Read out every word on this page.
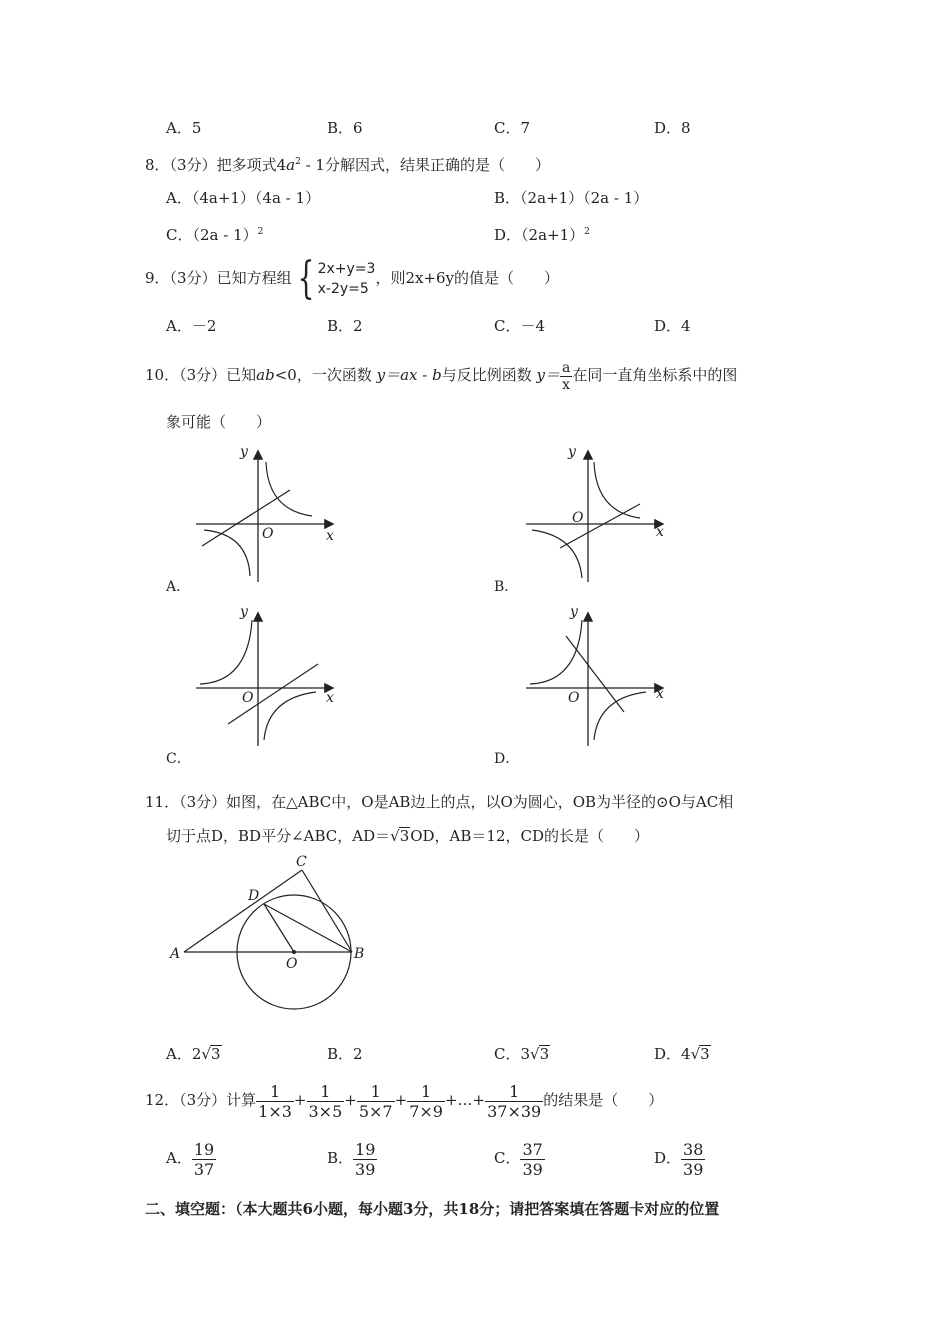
A．5	B．6	C．7	D．8
8．（3分）把多项式$4a^2 - 1$分解因式，结果正确的是（　　）
A．（4a+1）（4a - 1）	B．（2a+1）（2a - 1）
C．（2a - 1）$^2$	D．$(2a+1)^2$
9．（3分）已知方程组 { 2x+y=3
x-2y=5
，则2x+6y的值是（　　）
A．－2	B．2	C．－4	D．4
10．（3分）已知ab<0，一次函数 y＝ax - b与反比例函数 $y= \frac{a}{x}$ 在同一直角坐标系中的图
象可能（　　）
y
x
O
A．
y
x
O
B．
y
x
O
C．
y
x
O
D．
11．（3分）如图，在△ABC中，O是AB边上的点，以O为圆心，OB为半径的⊙O与AC相
切于点D，BD平分∠ABC，AD＝√3OD，AB＝12，CD的长是（　　）
A	B
C
D
O
A．2√3	B．2	C．3√3	D．4√3
12．（3分）计算 $\frac{1}{1\times 3} + \frac{1}{3\times 5} + \frac{1}{5\times 7} + \frac{1}{7\times 9}$ +…+ $\frac{1}{37\times 39}$ 的结果是（　　）
A． $\frac{19}{37}$	B． $\frac{19}{39}$	C． $\frac{37}{39}$	D． $\frac{38}{39}$
二、填空题：（本大题共6小题，每小题3分，共18分；请把答案填在答题卡对应的位置
